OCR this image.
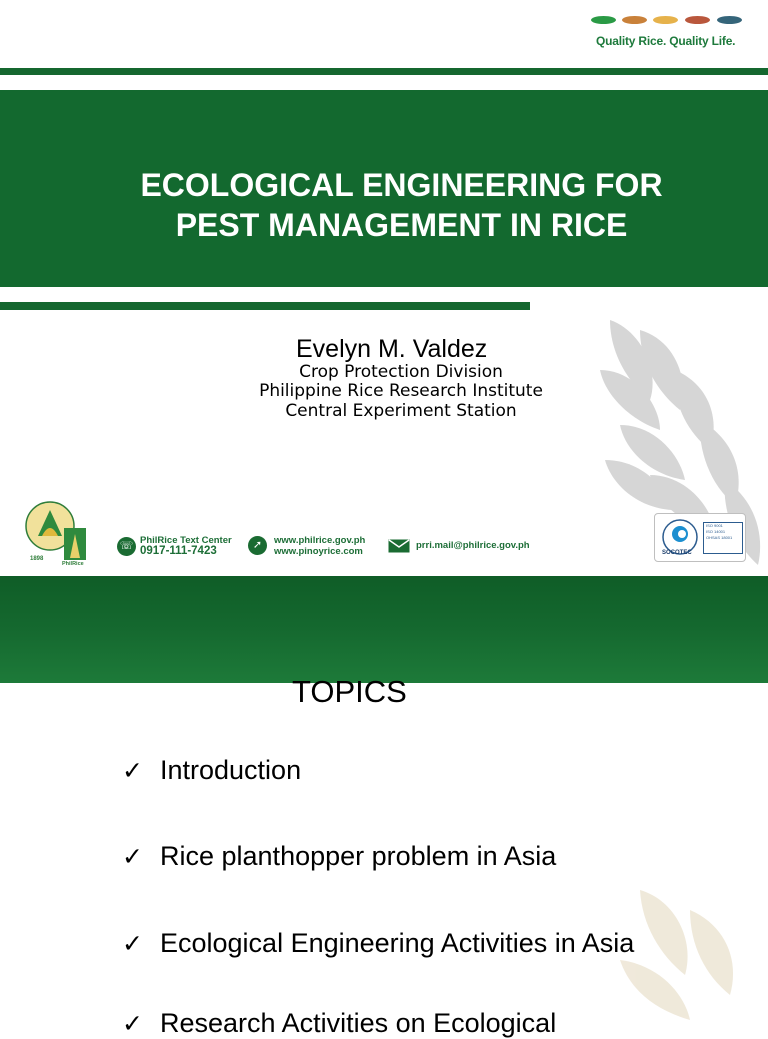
Quality Rice. Quality Life.
ECOLOGICAL ENGINEERING FOR
PEST MANAGEMENT IN RICE
Evelyn M. Valdez
Crop Protection Division
Philippine Rice Research Institute
Central Experiment Station
1898
PhilRice
☏ PhilRice Text Center
0917-111-7423	➚	www.philrice.gov.ph
www.pinoyrice.com
prri.mail@philrice.gov.ph
SOCOTEC
ISO 9001
ISO 14001
OHSAS 18001
TOPICS
✓ Introduction
✓ Rice planthopper problem in Asia
✓ Ecological Engineering Activities in Asia
✓ Research Activities on Ecological
